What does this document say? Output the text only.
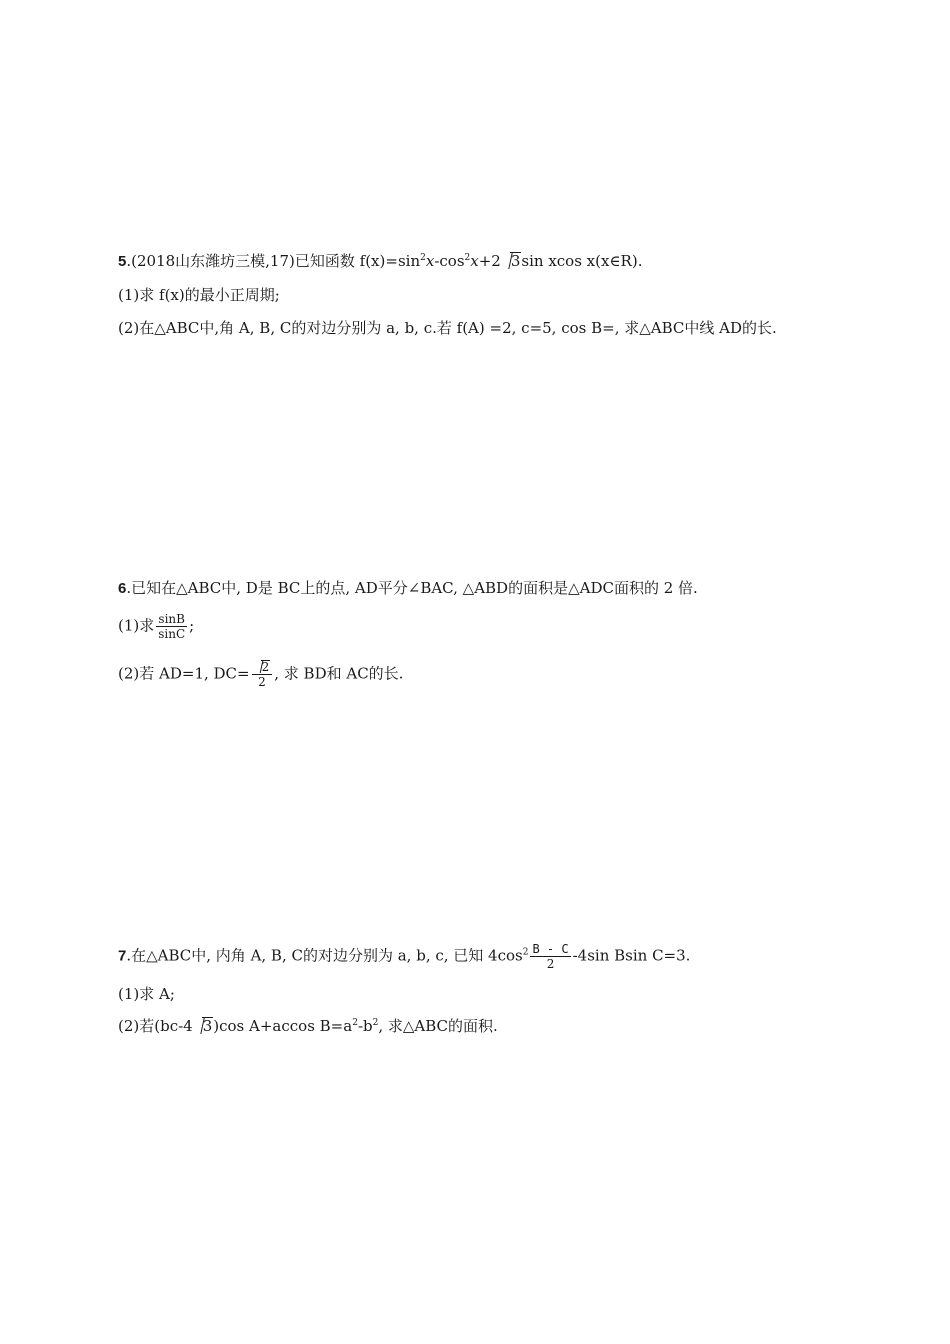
5.(2018山东潍坊三模,17)已知函数 $f(x)=\sin^2x-\cos^2x+2$ 3sin xcos x(x∈R).
(1)求 f(x)的最小正周期;
(2)在△ABC中,角 A, B, C的对边分别为 a, b, c.若 f(A) =2, c=5, cos B=, 求△ABC中线 AD的长.
6.已知在△ABC中, D是 BC上的点, AD平分∠BAC, △ABD的面积是△ADC面积的 2 倍.
(1)求 $\frac{\sin B}{\sin C}$ ;
(2)若 AD=1, $DC= \frac{2}{2}$ , 求 BD和 AC的长.
7.在△ABC中, 内角 A, B, C的对边分别为 a, b, c, 已知 $4\cos^2 \frac{B - C}{2} -4\sin$ Bsin C=3.
(1)求 A;
(2)若(bc-4 3)cos A+accos $B=a^2-b^2$, 求△ABC的面积.
